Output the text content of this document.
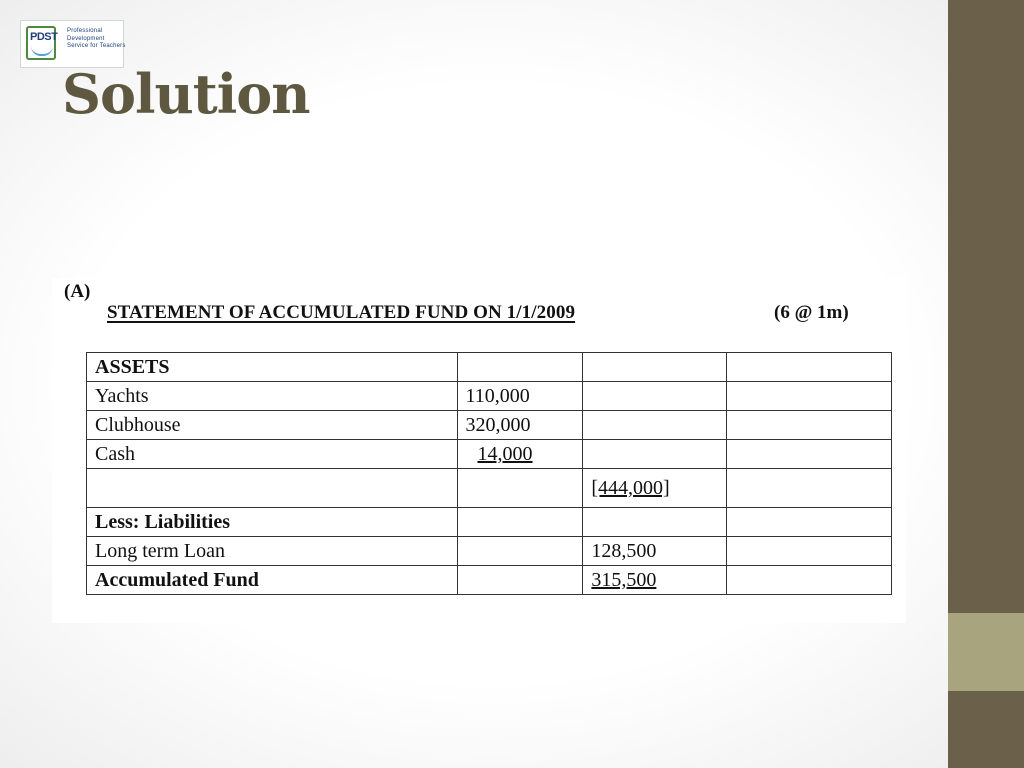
PDST Professional
Development
Service for Teachers
Solution
(A)
STATEMENT OF ACCUMULATED FUND ON 1/1/2009	(6 @ 1m)
ASSETS			
Yachts	110,000		
Clubhouse	320,000		
Cash	14,000		
		[444,000]	
Less: Liabilities			
Long term Loan		128,500	
Accumulated Fund		315,500	
